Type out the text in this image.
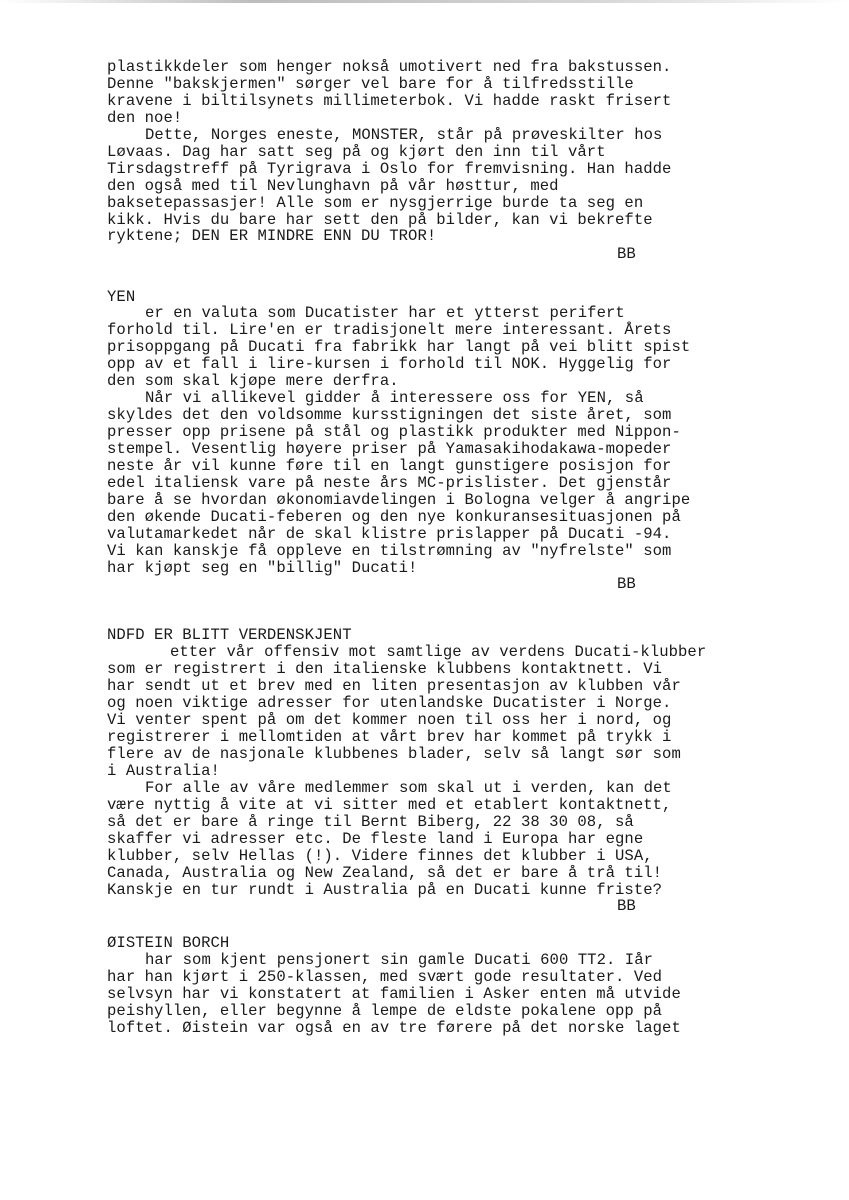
plastikkdeler som henger nokså umotivert ned fra bakstussen.
Denne "bakskjermen" sørger vel bare for å tilfredsstille
kravene i biltilsynets millimeterbok. Vi hadde raskt frisert
den noe!
Dette, Norges eneste, MONSTER, står på prøveskilter hos
Løvaas. Dag har satt seg på og kjørt den inn til vårt
Tirsdagstreff på Tyrigrava i Oslo for fremvisning. Han hadde
den også med til Nevlunghavn på vår høsttur, med
baksetepassasjer! Alle som er nysgjerrige burde ta seg en
kikk. Hvis du bare har sett den på bilder, kan vi bekrefte
ryktene; DEN ER MINDRE ENN DU TROR!
BB
YEN
er en valuta som Ducatister har et ytterst perifert
forhold til. Lire'en er tradisjonelt mere interessant. Årets
prisoppgang på Ducati fra fabrikk har langt på vei blitt spist
opp av et fall i lire-kursen i forhold til NOK. Hyggelig for
den som skal kjøpe mere derfra.
Når vi allikevel gidder å interessere oss for YEN, så
skyldes det den voldsomme kursstigningen det siste året, som
presser opp prisene på stål og plastikk produkter med Nippon-
stempel. Vesentlig høyere priser på Yamasakihodakawa-mopeder
neste år vil kunne føre til en langt gunstigere posisjon for
edel italiensk vare på neste års MC-prislister. Det gjenstår
bare å se hvordan økonomiavdelingen i Bologna velger å angripe
den økende Ducati-feberen og den nye konkuransesituasjonen på
valutamarkedet når de skal klistre prislapper på Ducati -94.
Vi kan kanskje få oppleve en tilstrømning av "nyfrelste" som
har kjøpt seg en "billig" Ducati!
BB
NDFD ER BLITT VERDENSKJENT
etter vår offensiv mot samtlige av verdens Ducati-klubber
som er registrert i den italienske klubbens kontaktnett. Vi
har sendt ut et brev med en liten presentasjon av klubben vår
og noen viktige adresser for utenlandske Ducatister i Norge.
Vi venter spent på om det kommer noen til oss her i nord, og
registrerer i mellomtiden at vårt brev har kommet på trykk i
flere av de nasjonale klubbenes blader, selv så langt sør som
i Australia!
For alle av våre medlemmer som skal ut i verden, kan det
være nyttig å vite at vi sitter med et etablert kontaktnett,
så det er bare å ringe til Bernt Biberg, 22 38 30 08, så
skaffer vi adresser etc. De fleste land i Europa har egne
klubber, selv Hellas (!). Videre finnes det klubber i USA,
Canada, Australia og New Zealand, så det er bare å trå til!
Kanskje en tur rundt i Australia på en Ducati kunne friste?
BB
ØISTEIN BORCH
har som kjent pensjonert sin gamle Ducati 600 TT2. Iår
har han kjørt i 250-klassen, med svært gode resultater. Ved
selvsyn har vi konstatert at familien i Asker enten må utvide
peishyllen, eller begynne å lempe de eldste pokalene opp på
loftet. Øistein var også en av tre førere på det norske laget
